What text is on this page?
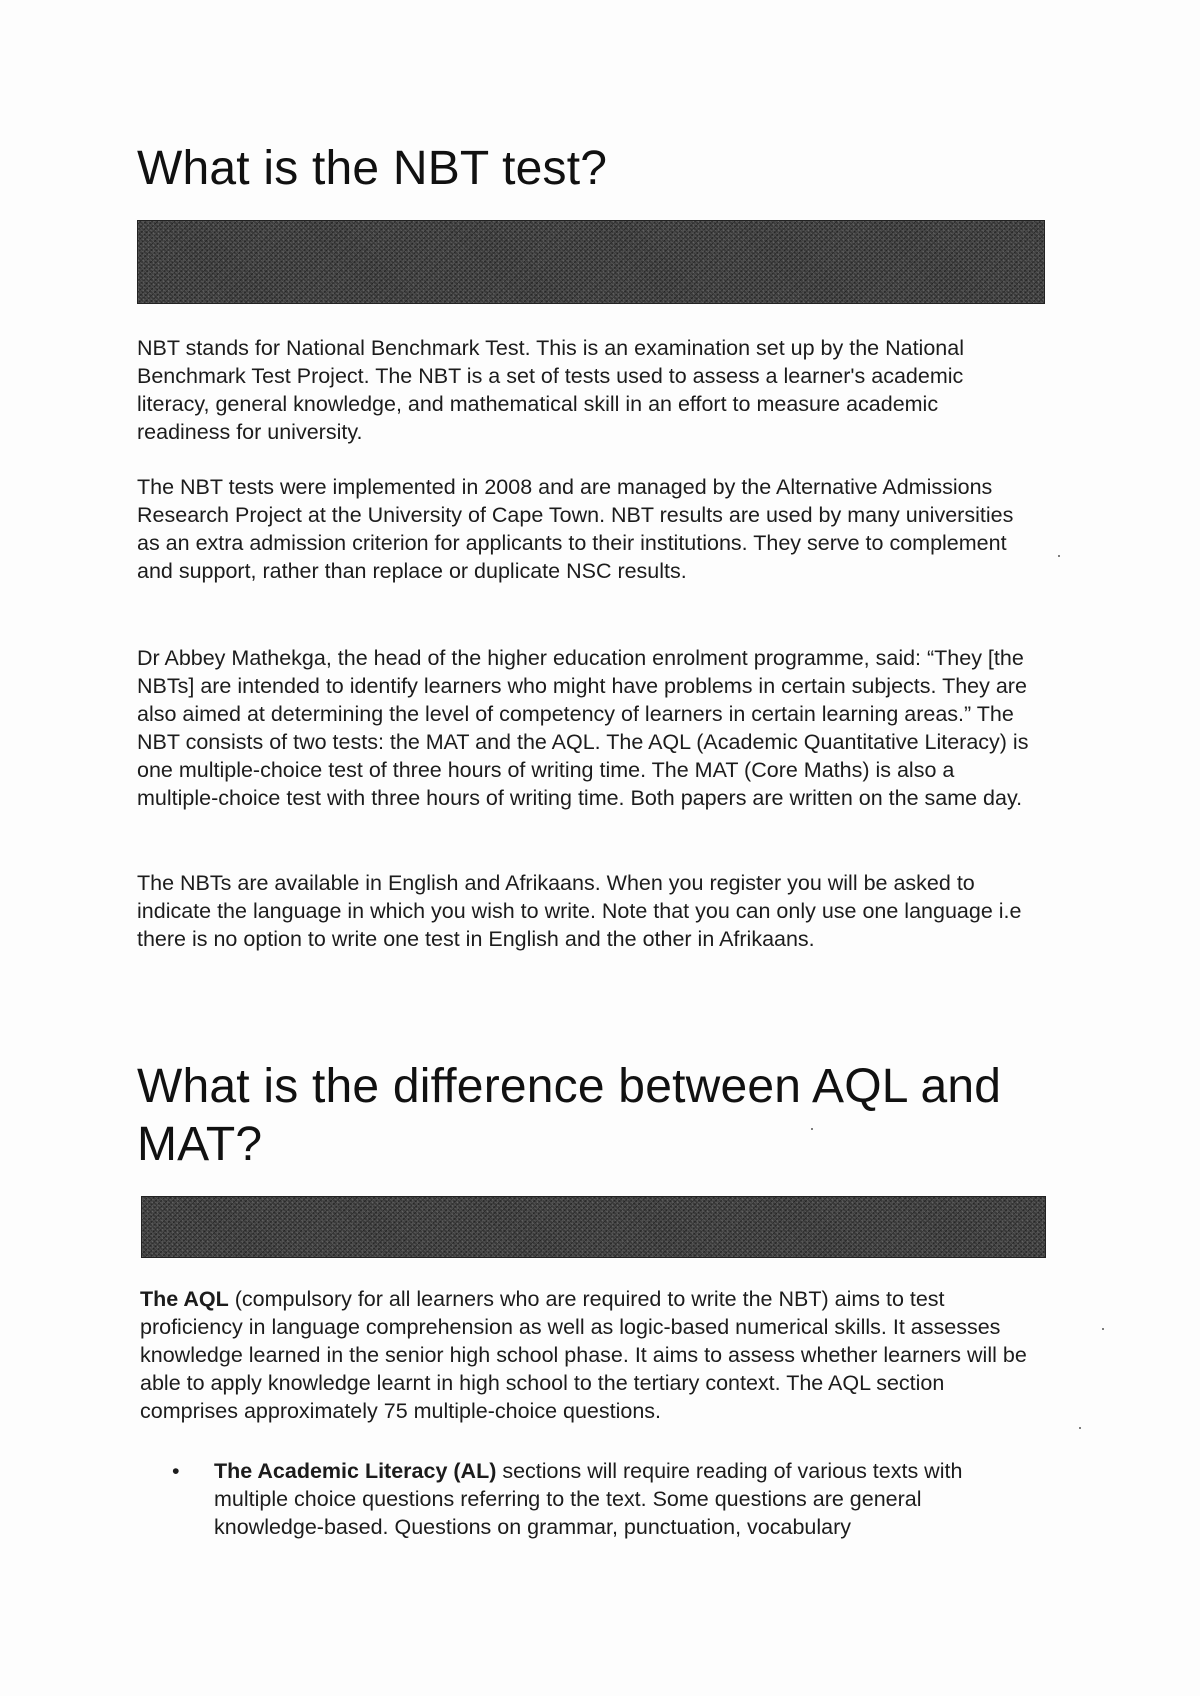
What is the NBT test?

NBT stands for National Benchmark Test. This is an examination set up by the National Benchmark Test Project. The NBT is a set of tests used to assess a learner's academic literacy, general knowledge, and mathematical skill in an effort to measure academic readiness for university.

The NBT tests were implemented in 2008 and are managed by the Alternative Admissions Research Project at the University of Cape Town. NBT results are used by many universities as an extra admission criterion for applicants to their institutions. They serve to complement and support, rather than replace or duplicate NSC results.

Dr Abbey Mathekga, the head of the higher education enrolment programme, said: “They [the NBTs] are intended to identify learners who might have problems in certain subjects. They are also aimed at determining the level of competency of learners in certain learning areas.” The NBT consists of two tests: the MAT and the AQL. The AQL (Academic Quantitative Literacy) is one multiple-choice test of three hours of writing time. The MAT (Core Maths) is also a multiple-choice test with three hours of writing time. Both papers are written on the same day.

The NBTs are available in English and Afrikaans. When you register you will be asked to indicate the language in which you wish to write. Note that you can only use one language i.e there is no option to write one test in English and the other in Afrikaans.

What is the difference between AQL and MAT?

The AQL (compulsory for all learners who are required to write the NBT) aims to test proficiency in language comprehension as well as logic-based numerical skills. It assesses knowledge learned in the senior high school phase. It aims to assess whether learners will be able to apply knowledge learnt in high school to the tertiary context. The AQL section comprises approximately 75 multiple-choice questions.

•	The Academic Literacy (AL) sections will require reading of various texts with multiple choice questions referring to the text. Some questions are general knowledge-based. Questions on grammar, punctuation, vocabulary
